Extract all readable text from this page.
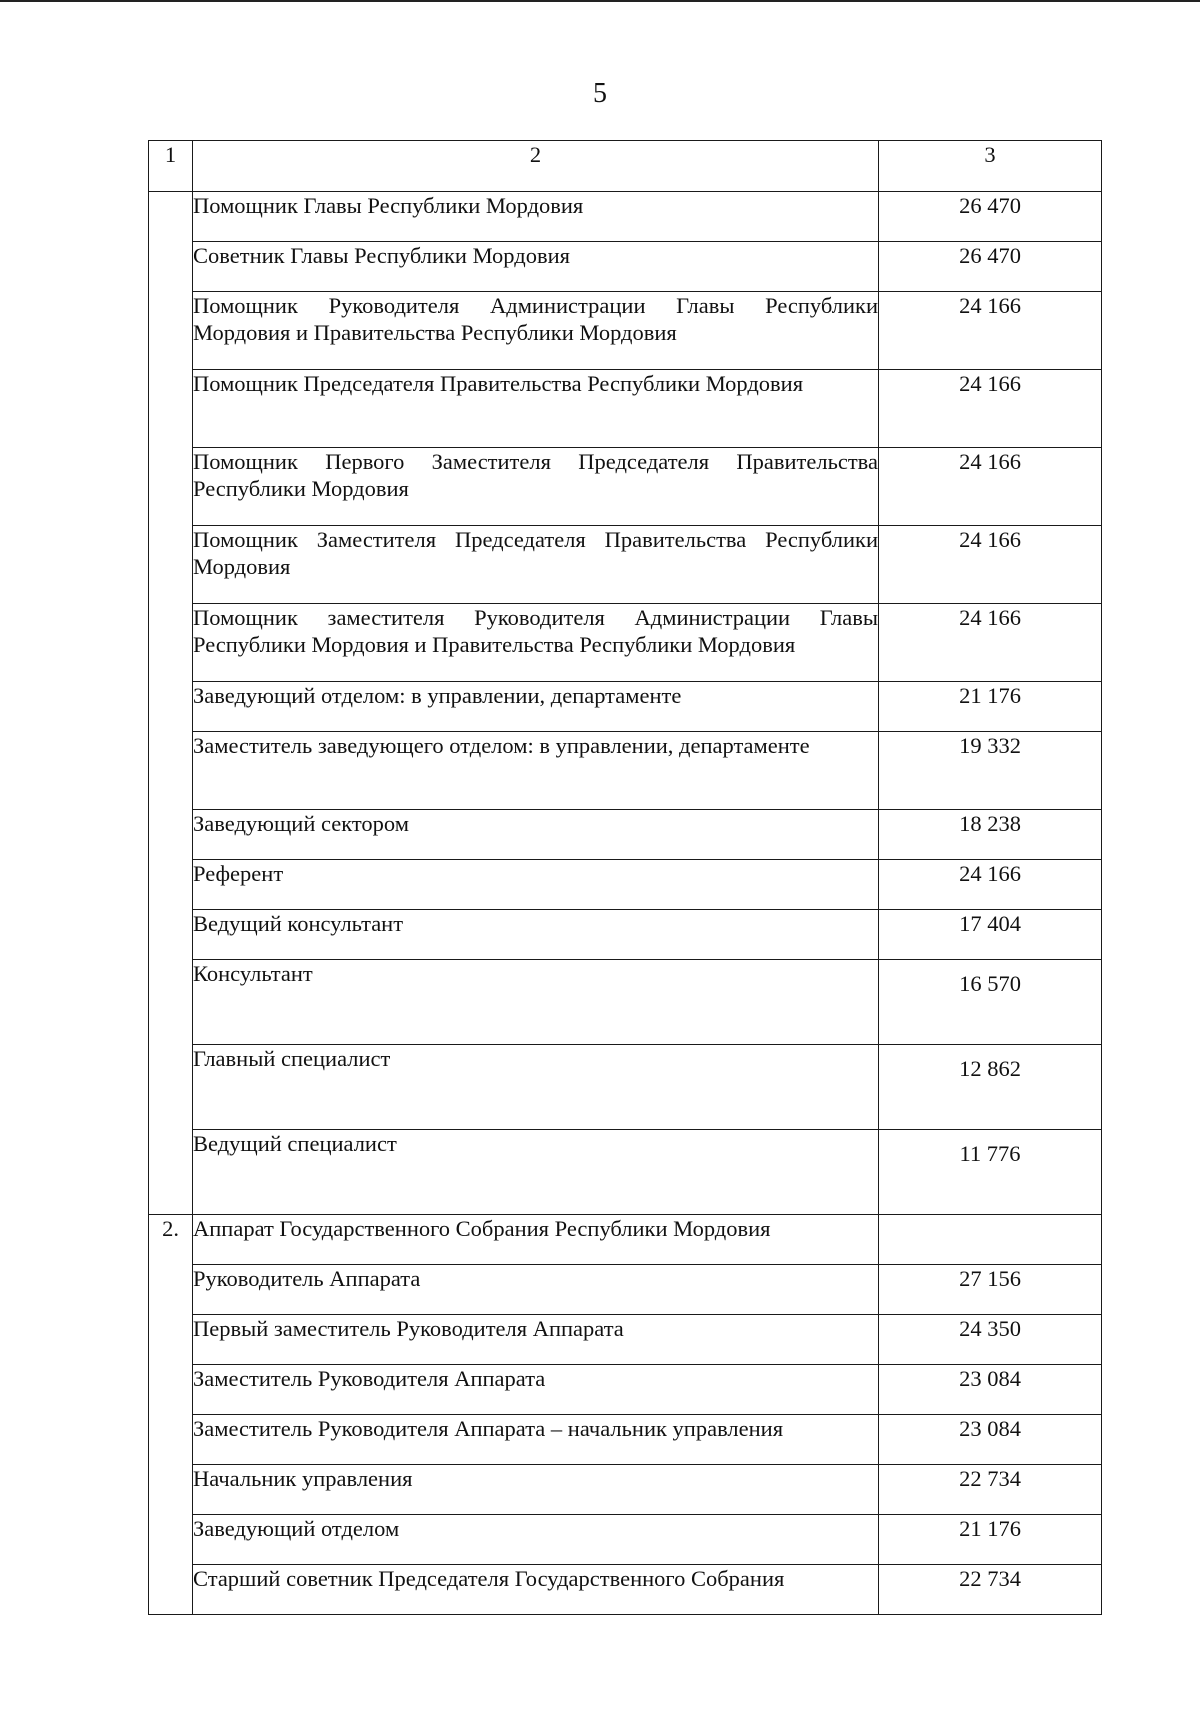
5
1	2	3
	Помощник Главы Республики Мордовия	26 470
	Советник Главы Республики Мордовия	26 470
	Помощник Руководителя Администрации Главы Республики Мордовия и Правительства Республики Мордовия	24 166
	Помощник Председателя Правительства Республики Мордовия	24 166
	Помощник Первого Заместителя Председателя Правительства Республики Мордовия	24 166
	Помощник Заместителя Председателя Правительства Республики Мордовия	24 166
	Помощник заместителя Руководителя Администрации Главы Республики Мордовия и Правительства Республики Мордовия	24 166
	Заведующий отделом: в управлении, департаменте	21 176
	Заместитель заведующего отделом: в управлении, департаменте	19 332
	Заведующий сектором	18 238
	Референт	24 166
	Ведущий консультант	17 404
	Консультант	16 570
	Главный специалист	12 862
	Ведущий специалист	11 776
2.	Аппарат Государственного Собрания Республики Мордовия	
	Руководитель Аппарата	27 156
	Первый заместитель Руководителя Аппарата	24 350
	Заместитель Руководителя Аппарата	23 084
	Заместитель Руководителя Аппарата – начальник управления	23 084
	Начальник управления	22 734
	Заведующий отделом	21 176
	Старший советник Председателя Государственного Собрания	22 734
